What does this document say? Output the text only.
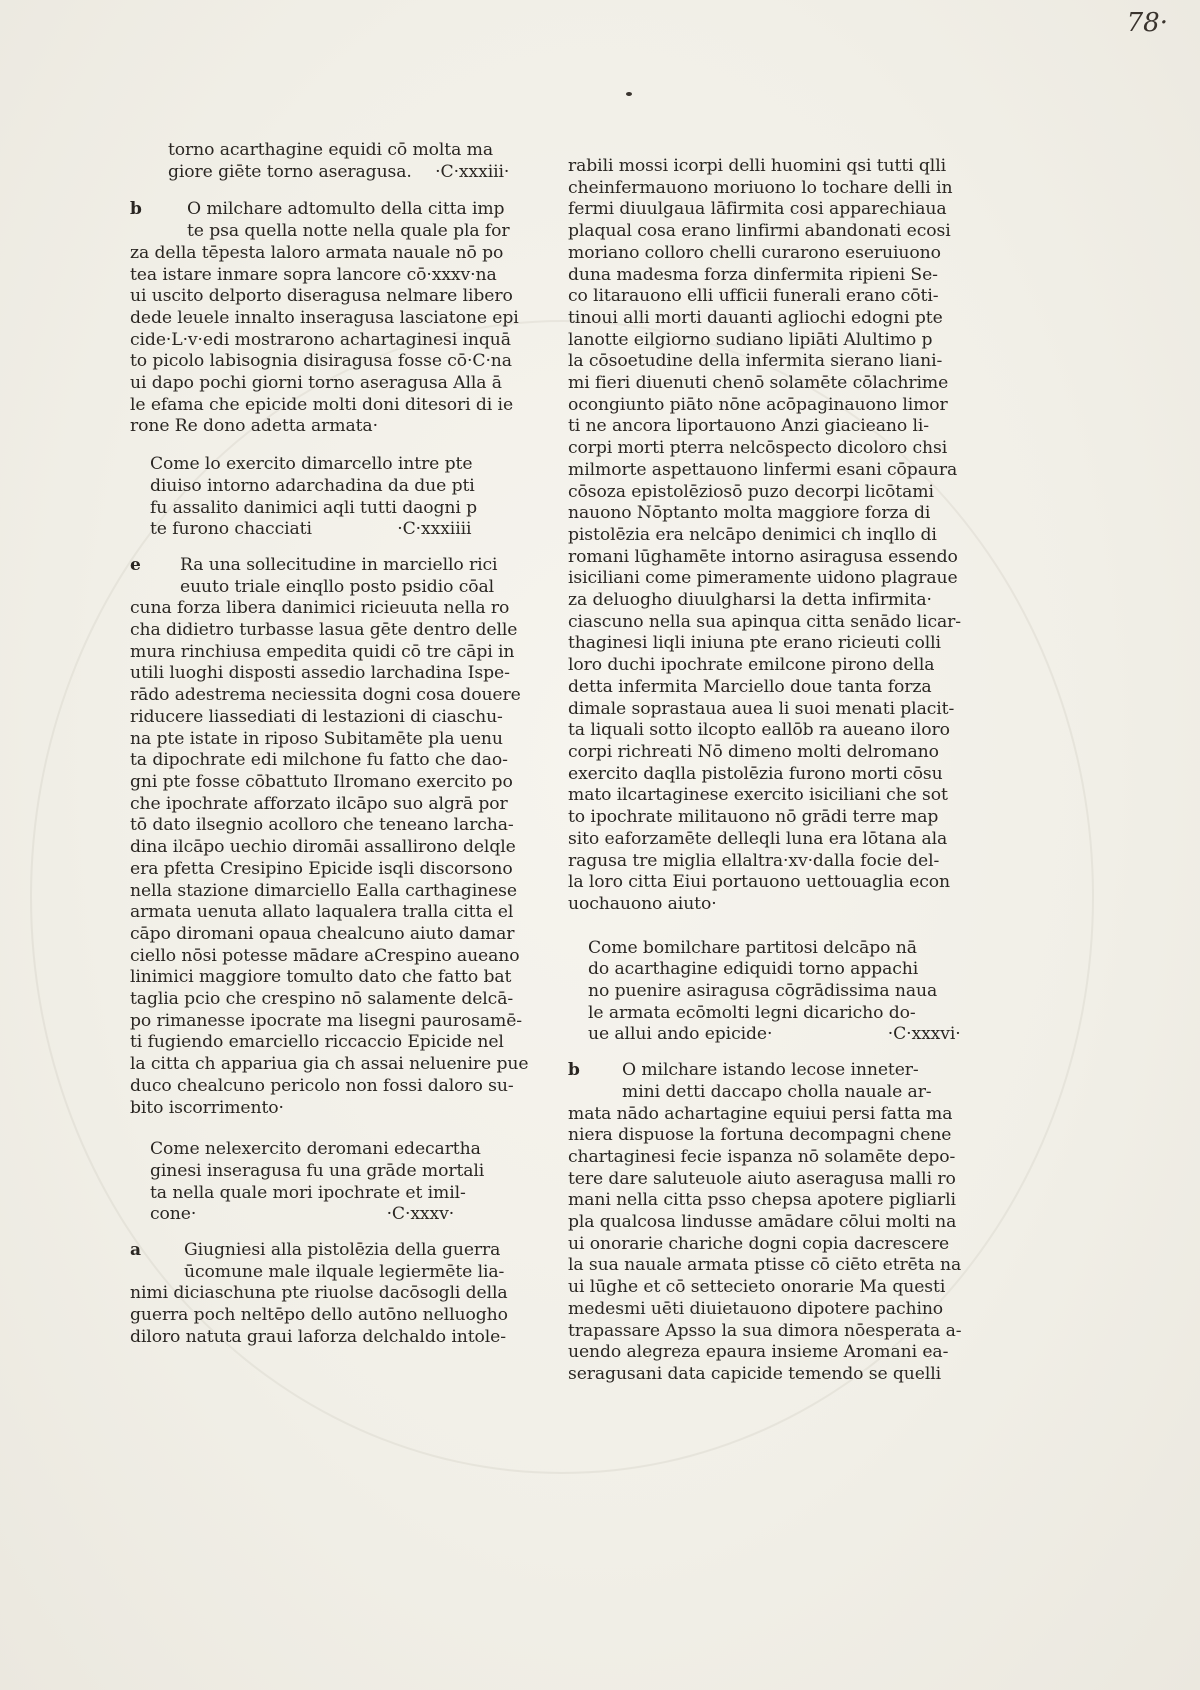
78·
torno acarthagine equidi cō molta ma
giore giēte torno aseragusa. ·C·xxxiii·
b	O milchare adtomulto della citta imp
te psa quella notte nella quale pla for
za della tēpesta laloro armata nauale nō po
tea istare inmare sopra lancore cō·xxxv·na
ui uscito delporto diseragusa nelmare libero
dede leuele innalto inseragusa lasciatone epi
cide·L·v·edi mostrarono achartaginesi inquā
to picolo labisognia disiragusa fosse cō·C·na
ui dapo pochi giorni torno aseragusa Alla ā
le efama che epicide molti doni ditesori di ie
rone Re dono adetta armata·
Come lo exercito dimarcello intre pte
diuiso intorno adarchadina da due pti
fu assalito danimici aqli tutti daogni p
te furono chacciati	·C·xxxiiii
e	Ra una sollecitudine in marciello rici
euuto triale einqllo posto psidio cōal
cuna forza libera danimici ricieuuta nella ro
cha didietro turbasse lasua gēte dentro delle
mura rinchiusa empedita quidi cō tre cāpi in
utili luoghi disposti assedio larchadina Ispe-
rādo adestrema neciessita dogni cosa douere
riducere liassediati di lestazioni di ciaschu-
na pte istate in riposo Subitamēte pla uenu
ta dipochrate edi milchone fu fatto che dao-
gni pte fosse cōbattuto Ilromano exercito po
che ipochrate afforzato ilcāpo suo algrā por
tō dato ilsegnio acolloro che teneano larcha-
dina ilcāpo uechio diromāi assallirono delqle
era pfetta Cresipino Epicide isqli discorsono
nella stazione dimarciello Ealla carthaginese
armata uenuta allato laqualera tralla citta el
cāpo diromani opaua chealcuno aiuto damar
ciello nōsi potesse mādare aCrespino aueano
linimici maggiore tomulto dato che fatto bat
taglia pcio che crespino nō salamente delcā-
po rimanesse ipocrate ma lisegni paurosamē-
ti fugiendo emarciello riccaccio Epicide nel
la citta ch appariua gia ch assai neluenire pue
duco chealcuno pericolo non fossi daloro su-
bito iscorrimento·
Come nelexercito deromani edecartha
ginesi inseragusa fu una grāde mortali
ta nella quale mori ipochrate et imil-
cone·	·C·xxxv·
a	Giugniesi alla pistolēzia della guerra
ūcomune male ilquale legiermēte lia-
nimi diciaschuna pte riuolse dacōsogli della
guerra poch neltēpo dello autōno nelluogho
diloro natuta graui laforza delchaldo intole-
rabili mossi icorpi delli huomini qsi tutti qlli
cheinfermauono moriuono lo tochare delli in
fermi diuulgaua lāfirmita cosi apparechiaua
plaqual cosa erano linfirmi abandonati ecosi
moriano colloro chelli curarono eseruiuono
duna madesma forza dinfermita ripieni Se-
co litarauono elli ufficii funerali erano cōti-
tinoui alli morti dauanti agliochi edogni pte
lanotte eilgiorno sudiano lipiāti Alultimo p
la cōsoetudine della infermita sierano liani-
mi fieri diuenuti chenō solamēte cōlachrime
ocongiunto piāto nōne acōpaginauono limor
ti ne ancora liportauono Anzi giacieano li-
corpi morti pterra nelcōspecto dicoloro chsi
milmorte aspettauono linfermi esani cōpaura
cōsoza epistolēziosō puzo decorpi licōtami
nauono Nōptanto molta maggiore forza di
pistolēzia era nelcāpo denimici ch inqllo di
romani lūghamēte intorno asiragusa essendo
isiciliani come pimeramente uidono plagraue
za deluogho diuulgharsi la detta infirmita·
ciascuno nella sua apinqua citta senādo licar-
thaginesi liqli iniuna pte erano ricieuti colli
loro duchi ipochrate emilcone pirono della
detta infermita Marciello doue tanta forza
dimale soprastaua auea li suoi menati placit-
ta liquali sotto ilcopto eallōb ra aueano iloro
corpi richreati Nō dimeno molti delromano
exercito daqlla pistolēzia furono morti cōsu
mato ilcartaginese exercito isiciliani che sot
to ipochrate militauono nō grādi terre map
sito eaforzamēte delleqli luna era lōtana ala
ragusa tre miglia ellaltra·xv·dalla focie del-
la loro citta Eiui portauono uettouaglia econ
uochauono aiuto·
Come bomilchare partitosi delcāpo nā
do acarthagine ediquidi torno appachi
no puenire asiragusa cōgrādissima naua
le armata ecōmolti legni dicaricho do-
ue allui ando epicide·	·C·xxxvi·
b	O milchare istando lecose inneter-
mini detti daccapo cholla nauale ar-
mata nādo achartagine equiui persi fatta ma
niera dispuose la fortuna decompagni chene
chartaginesi fecie ispanza nō solamēte depo-
tere dare saluteuole aiuto aseragusa malli ro
mani nella citta psso chepsa apotere pigliarli
pla qualcosa lindusse amādare cōlui molti na
ui onorarie chariche dogni copia dacrescere
la sua nauale armata ptisse cō ciēto etrēta na
ui lūghe et cō settecieto onorarie Ma questi
medesmi uēti diuietauono dipotere pachino
trapassare Apsso la sua dimora nōesperata a-
uendo alegreza epaura insieme Aromani ea-
seragusani data capicide temendo se quelli
